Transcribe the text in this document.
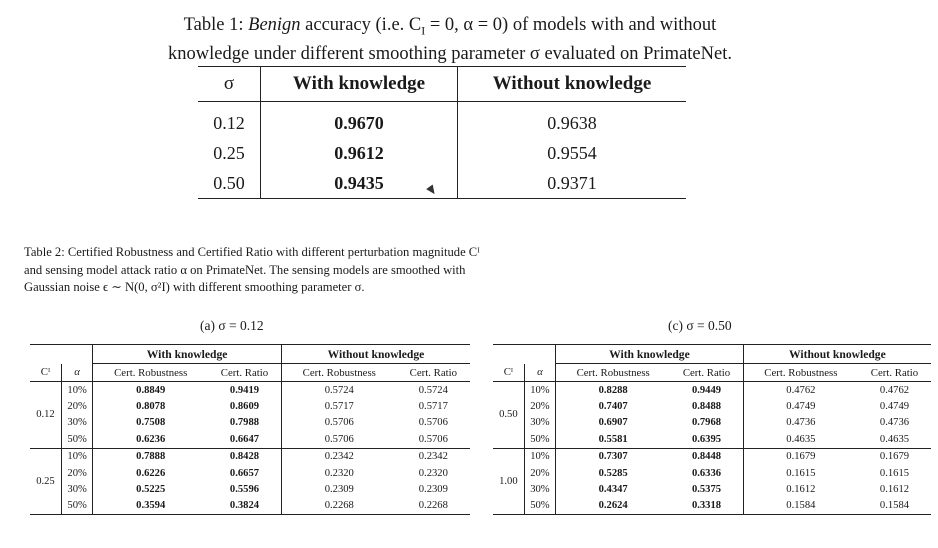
Table 1: Benign accuracy (i.e. $C_I = 0$, α = 0) of models with and without
knowledge under different smoothing parameter σ evaluated on PrimateNet.
σ	With knowledge	Without knowledge
0.12	0.9670	0.9638
0.25	0.9612	0.9554
0.50	0.9435	0.9371
Table 2: Certified Robustness and Certified Ratio with different perturbation magnitude Cᴵ and sensing model attack ratio α on PrimateNet. The sensing models are smoothed with Gaussian noise ϵ ∼ N(0, σ²I) with different smoothing parameter σ.
(a) σ = 0.12	(c) σ = 0.50
		With knowledge		Without knowledge	
Cᴵ	α	Cert. Robustness	Cert. Ratio	Cert. Robustness	Cert. Ratio
0.12	10%	0.8849	0.9419	0.5724	0.5724
	20%	0.8078	0.8609	0.5717	0.5717
	30%	0.7508	0.7988	0.5706	0.5706
	50%	0.6236	0.6647	0.5706	0.5706
0.25	10%	0.7888	0.8428	0.2342	0.2342
	20%	0.6226	0.6657	0.2320	0.2320
	30%	0.5225	0.5596	0.2309	0.2309
	50%	0.3594	0.3824	0.2268	0.2268
		With knowledge		Without knowledge	
Cᴵ	α	Cert. Robustness	Cert. Ratio	Cert. Robustness	Cert. Ratio
0.50	10%	0.8288	0.9449	0.4762	0.4762
	20%	0.7407	0.8488	0.4749	0.4749
	30%	0.6907	0.7968	0.4736	0.4736
	50%	0.5581	0.6395	0.4635	0.4635
1.00	10%	0.7307	0.8448	0.1679	0.1679
	20%	0.5285	0.6336	0.1615	0.1615
	30%	0.4347	0.5375	0.1612	0.1612
	50%	0.2624	0.3318	0.1584	0.1584
